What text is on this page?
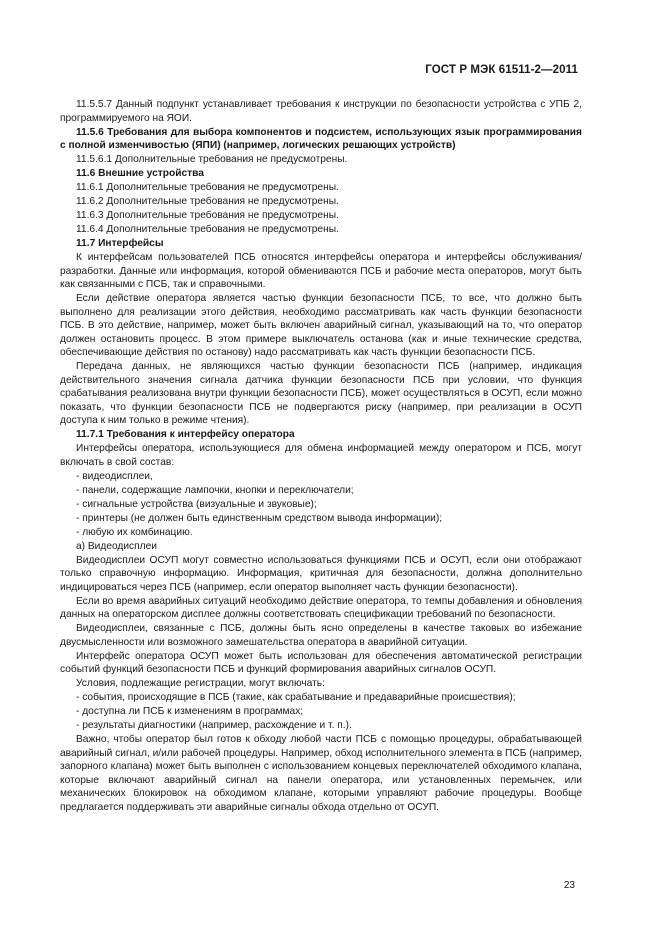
ГОСТ Р МЭК 61511-2—2011

11.5.5.7 Данный подпункт устанавливает требования к инструкции по безопасности устройства с УПБ 2, программируемого на ЯОИ.

11.5.6 Требования для выбора компонентов и подсистем, использующих язык программирования с полной изменчивостью (ЯПИ) (например, логических решающих устройств)

11.5.6.1 Дополнительные требования не предусмотрены.

11.6 Внешние устройства

11.6.1 Дополнительные требования не предусмотрены.

11.6.2 Дополнительные требования не предусмотрены.

11.6.3 Дополнительные требования не предусмотрены.

11.6.4 Дополнительные требования не предусмотрены.

11.7 Интерфейсы

К интерфейсам пользователей ПСБ относятся интерфейсы оператора и интерфейсы обслуживания/разработки. Данные или информация, которой обмениваются ПСБ и рабочие места операторов, могут быть как связанными с ПСБ, так и справочными.

Если действие оператора является частью функции безопасности ПСБ, то все, что должно быть выполнено для реализации этого действия, необходимо рассматривать как часть функции безопасности ПСБ. В это действие, например, может быть включен аварийный сигнал, указывающий на то, что оператор должен остановить процесс. В этом примере выключатель останова (как и иные технические средства, обеспечивающие действия по останову) надо рассматривать как часть функции безопасности ПСБ.

Передача данных, не являющихся частью функции безопасности ПСБ (например, индикация действительного значения сигнала датчика функции безопасности ПСБ при условии, что функция срабатывания реализована внутри функции безопасности ПСБ), может осуществляться в ОСУП, если можно показать, что функции безопасности ПСБ не подвергаются риску (например, при реализации в ОСУП доступа к ним только в режиме чтения).

11.7.1 Требования к интерфейсу оператора

Интерфейсы оператора, использующиеся для обмена информацией между оператором и ПСБ, могут включать в свой состав:

- видеодисплеи,

- панели, содержащие лампочки, кнопки и переключатели;

- сигнальные устройства (визуальные и звуковые);

- принтеры (не должен быть единственным средством вывода информации);

- любую их комбинацию.

а) Видеодисплеи

Видеодисплеи ОСУП могут совместно использоваться функциями ПСБ и ОСУП, если они отображают только справочную информацию. Информация, критичная для безопасности, должна дополнительно индицироваться через ПСБ (например, если оператор выполняет часть функции безопасности).

Если во время аварийных ситуаций необходимо действие оператора, то темпы добавления и обновления данных на операторском дисплее должны соответствовать спецификации требований по безопасности.

Видеодисплеи, связанные с ПСБ, должны быть ясно определены в качестве таковых во избежание двусмысленности или возможного замешательства оператора в аварийной ситуации.

Интерфейс оператора ОСУП может быть использован для обеспечения автоматической регистрации событий функций безопасности ПСБ и функций формирования аварийных сигналов ОСУП.

Условия, подлежащие регистрации, могут включать:

- события, происходящие в ПСБ (такие, как срабатывание и предаварийные происшествия);

- доступна ли ПСБ к изменениям в программах;

- результаты диагностики (например, расхождение и т. п.).

Важно, чтобы оператор был готов к обходу любой части ПСБ с помощью процедуры, обрабатывающей аварийный сигнал, и/или рабочей процедуры. Например, обход исполнительного элемента в ПСБ (например, запорного клапана) может быть выполнен с использованием концевых переключателей обходимого клапана, которые включают аварийный сигнал на панели оператора, или установленных перемычек, или механических блокировок на обходимом клапане, которыми управляют рабочие процедуры. Вообще предлагается поддерживать эти аварийные сигналы обхода отдельно от ОСУП.

23
